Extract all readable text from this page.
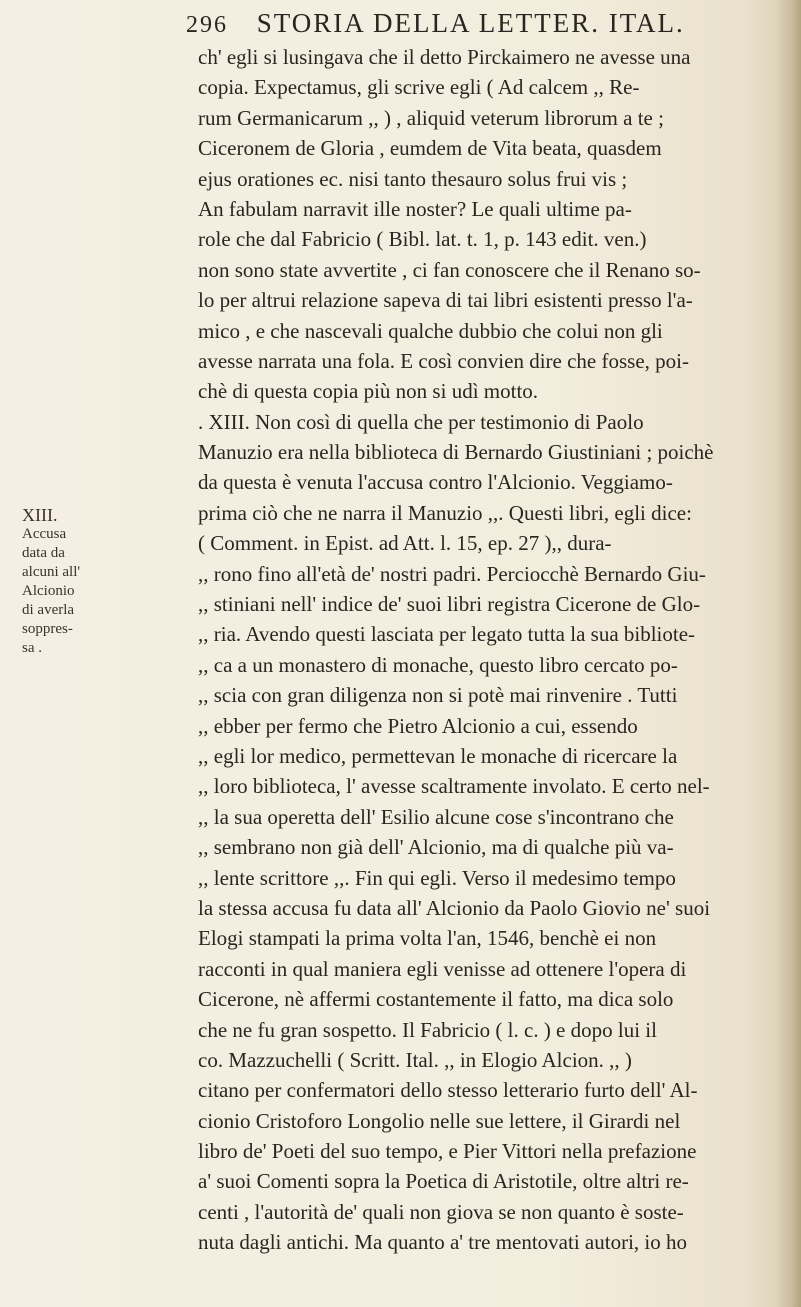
296 STORIA DELLA LETTER. ITAL.
XIII.
Accusa
data da
alcuni all'
Alcionio
di averla
soppres-
sa .
ch' egli si lusingava che il detto Pirckaimero ne avesse una
copia. Expectamus, gli scrive egli ( Ad calcem ,, Re-
rum Germanicarum ,, ) , aliquid veterum librorum a te ;
Ciceronem de Gloria , eumdem de Vita beata, quasdem
ejus orationes ec. nisi tanto thesauro solus frui vis ;
An fabulam narravit ille noster? Le quali ultime pa-
role che dal Fabricio ( Bibl. lat. t. 1, p. 143 edit. ven.)
non sono state avvertite , ci fan conoscere che il Renano so-
lo per altrui relazione sapeva di tai libri esistenti presso l'a-
mico , e che nascevali qualche dubbio che colui non gli
avesse narrata una fola. E così convien dire che fosse, poi-
chè di questa copia più non si udì motto.
. XIII. Non così di quella che per testimonio di Paolo
Manuzio era nella biblioteca di Bernardo Giustiniani ; poichè
da questa è venuta l'accusa contro l'Alcionio. Veggiamo-
prima ciò che ne narra il Manuzio ,,. Questi libri, egli dice:
( Comment. in Epist. ad Att. l. 15, ep. 27 ),, dura-
,, rono fino all'età de' nostri padri. Perciocchè Bernardo Giu-
,, stiniani nell' indice de' suoi libri registra Cicerone de Glo-
,, ria. Avendo questi lasciata per legato tutta la sua bibliote-
,, ca a un monastero di monache, questo libro cercato po-
,, scia con gran diligenza non si potè mai rinvenire . Tutti
,, ebber per fermo che Pietro Alcionio a cui, essendo
,, egli lor medico, permettevan le monache di ricercare la
,, loro biblioteca, l' avesse scaltramente involato. E certo nel-
,, la sua operetta dell' Esilio alcune cose s'incontrano che
,, sembrano non già dell' Alcionio, ma di qualche più va-
,, lente scrittore ,,. Fin qui egli. Verso il medesimo tempo
la stessa accusa fu data all' Alcionio da Paolo Giovio ne' suoi
Elogi stampati la prima volta l'an, 1546, benchè ei non
racconti in qual maniera egli venisse ad ottenere l'opera di
Cicerone, nè affermi costantemente il fatto, ma dica solo
che ne fu gran sospetto. Il Fabricio ( l. c. ) e dopo lui il
co. Mazzuchelli ( Scritt. Ital. ,, in Elogio Alcion. ,, )
citano per confermatori dello stesso letterario furto dell' Al-
cionio Cristoforo Longolio nelle sue lettere, il Girardi nel
libro de' Poeti del suo tempo, e Pier Vittori nella prefazione
a' suoi Comenti sopra la Poetica di Aristotile, oltre altri re-
centi , l'autorità de' quali non giova se non quanto è soste-
nuta dagli antichi. Ma quanto a' tre mentovati autori, io ho
